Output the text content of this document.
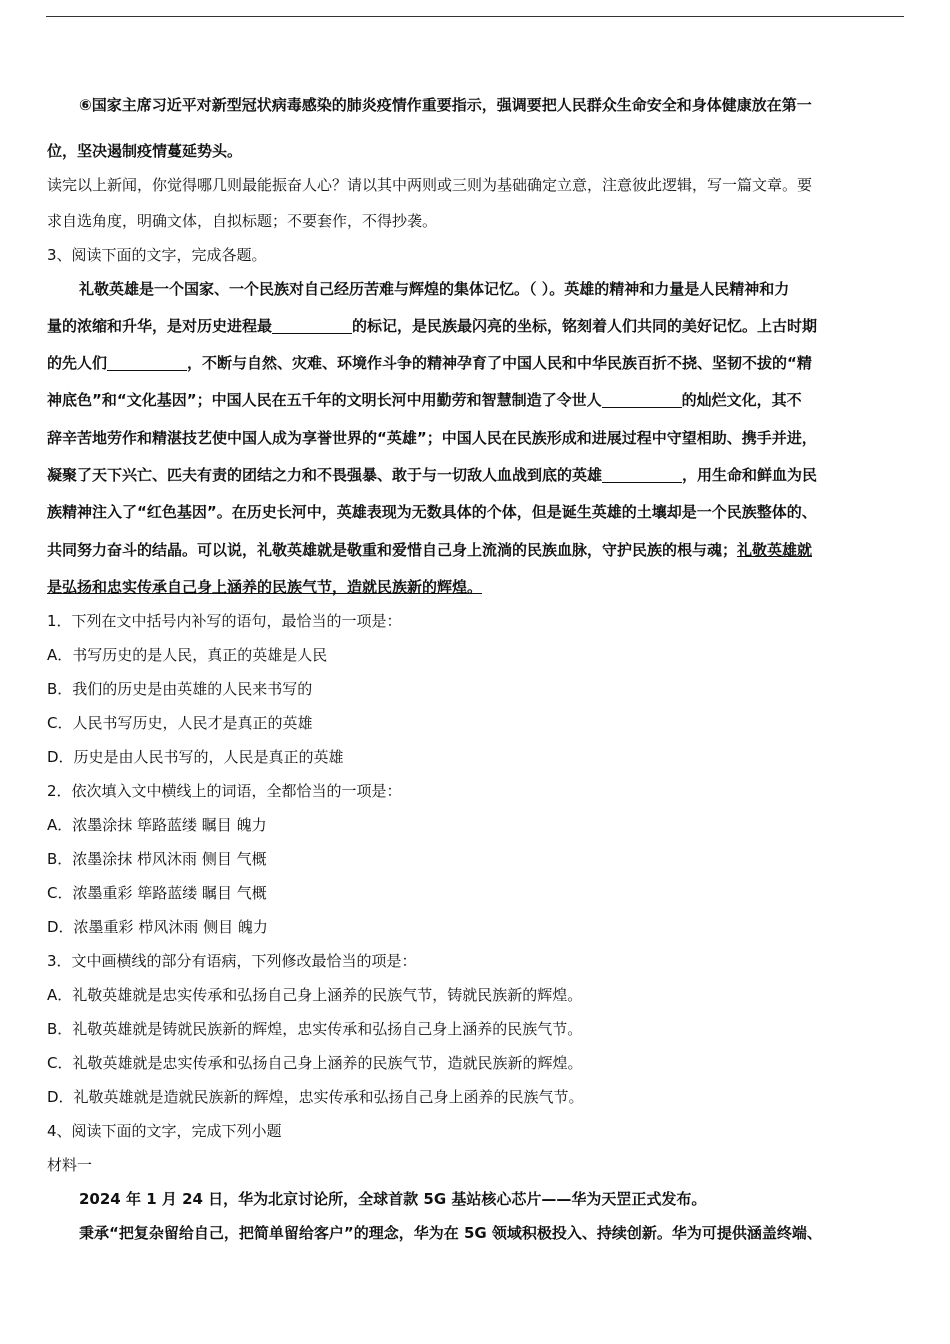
⑥国家主席习近平对新型冠状病毒感染的肺炎疫情作重要指示，强调要把人民群众生命安全和身体健康放在第一
位，坚决遏制疫情蔓延势头。
读完以上新闻，你觉得哪几则最能振奋人心？请以其中两则或三则为基础确定立意，注意彼此逻辑，写一篇文章。要
求自选角度，明确文体，自拟标题；不要套作，不得抄袭。
3、阅读下面的文字，完成各题。
礼敬英雄是一个国家、一个民族对自己经历苦难与辉煌的集体记忆。（ ）。英雄的精神和力量是人民精神和力
量的浓缩和升华，是对历史进程最	的标记，是民族最闪亮的坐标，铭刻着人们共同的美好记忆。上古时期
的先人们	，不断与自然、灾难、环境作斗争的精神孕育了中国人民和中华民族百折不挠、坚韧不拔的“精
神底色”和“文化基因”；中国人民在五千年的文明长河中用勤劳和智慧制造了令世人	的灿烂文化，其不
辞辛苦地劳作和精湛技艺使中国人成为享誉世界的“英雄”；中国人民在民族形成和进展过程中守望相助、携手并进，
凝聚了天下兴亡、匹夫有责的团结之力和不畏强暴、敢于与一切敌人血战到底的英雄	，用生命和鲜血为民
族精神注入了“红色基因”。在历史长河中，英雄表现为无数具体的个体，但是诞生英雄的土壤却是一个民族整体的、
共同努力奋斗的结晶。可以说，礼敬英雄就是敬重和爱惜自己身上流淌的民族血脉，守护民族的根与魂；礼敬英雄就
是弘扬和忠实传承自己身上涵养的民族气节，造就民族新的辉煌。
1．下列在文中括号内补写的语句，最恰当的一项是：
A．书写历史的是人民，真正的英雄是人民
B．我们的历史是由英雄的人民来书写的
C．人民书写历史，人民才是真正的英雄
D．历史是由人民书写的，人民是真正的英雄
2．依次填入文中横线上的词语，全都恰当的一项是：
A．浓墨涂抹 筚路蓝缕 瞩目 魄力
B．浓墨涂抹 栉风沐雨 侧目 气概
C．浓墨重彩 筚路蓝缕 瞩目 气概
D．浓墨重彩 栉风沐雨 侧目 魄力
3．文中画横线的部分有语病，下列修改最恰当的项是：
A．礼敬英雄就是忠实传承和弘扬自己身上涵养的民族气节，铸就民族新的辉煌。
B．礼敬英雄就是铸就民族新的辉煌，忠实传承和弘扬自己身上涵养的民族气节。
C．礼敬英雄就是忠实传承和弘扬自己身上涵养的民族气节，造就民族新的辉煌。
D．礼敬英雄就是造就民族新的辉煌，忠实传承和弘扬自己身上函养的民族气节。
4、阅读下面的文字，完成下列小题
材料一
2024 年 1 月 24 日，华为北京讨论所，全球首款 5G 基站核心芯片——华为天罡正式发布。
秉承“把复杂留给自己，把简单留给客户”的理念，华为在 5G 领域积极投入、持续创新。华为可提供涵盖终端、
